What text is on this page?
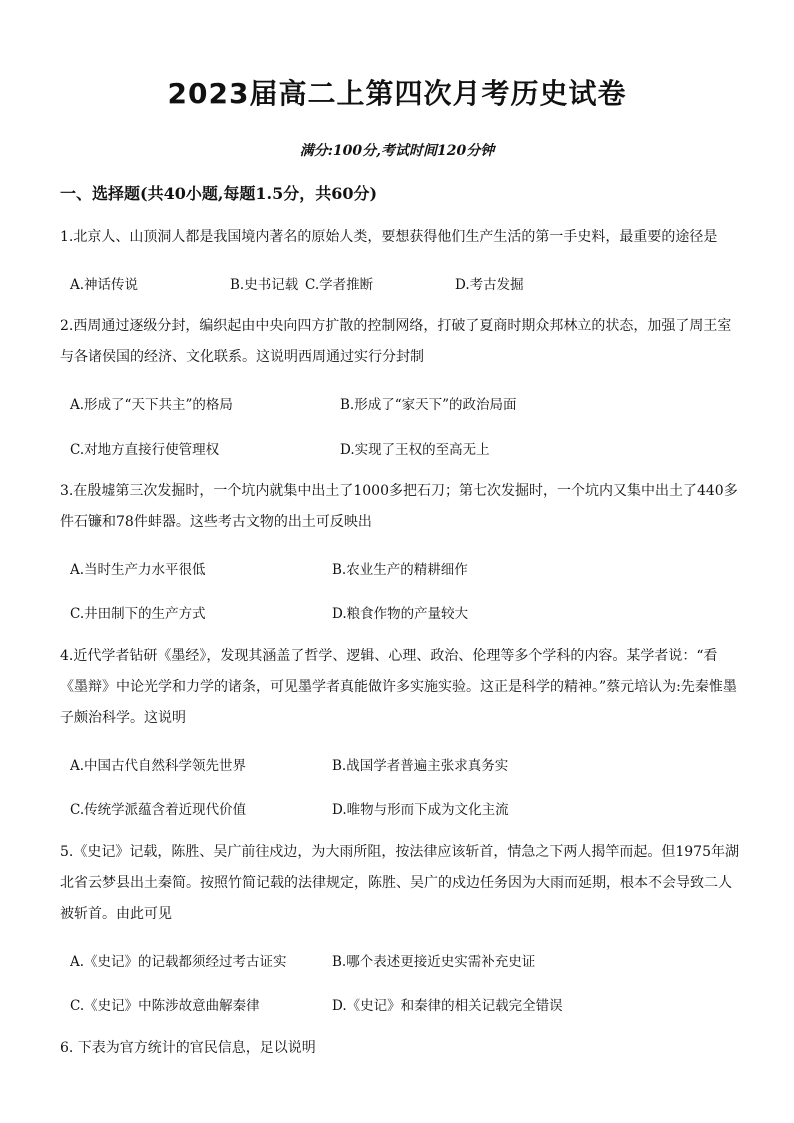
2023届高二上第四次月考历史试卷
满分:100分,考试时间120分钟
一、选择题(共40小题,每题1.5分，共60分)
1.北京人、山顶洞人都是我国境内著名的原始人类，要想获得他们生产生活的第一手史料，最重要的途径是
A.神话传说	B.史书记载 C.学者推断	D.考古发掘
2.西周通过逐级分封，编织起由中央向四方扩散的控制网络，打破了夏商时期众邦林立的状态，加强了周王室与各诸侯国的经济、文化联系。这说明西周通过实行分封制
A.形成了“天下共主”的格局	B.形成了“家天下”的政治局面
C.对地方直接行使管理权	D.实现了王权的至高无上
3.在殷墟第三次发掘时，一个坑内就集中出土了1000多把石刀；第七次发掘时，一个坑内又集中出土了440多件石镰和78件蚌器。这些考古文物的出土可反映出
A.当时生产力水平很低	B.农业生产的精耕细作
C.井田制下的生产方式	D.粮食作物的产量较大
4.近代学者钻研《墨经》，发现其涵盖了哲学、逻辑、心理、政治、伦理等多个学科的内容。某学者说：“看《墨辩》中论光学和力学的诸条，可见墨学者真能做许多实施实验。这正是科学的精神。”蔡元培认为:先秦惟墨子颇治科学。这说明
A.中国古代自然科学领先世界	B.战国学者普遍主张求真务实
C.传统学派蕴含着近现代价值	D.唯物与形而下成为文化主流
5.《史记》记载，陈胜、吴广前往戍边，为大雨所阻，按法律应该斩首，情急之下两人揭竿而起。但1975年湖北省云梦县出土秦简。按照竹简记载的法律规定，陈胜、吴广的戍边任务因为大雨而延期，根本不会导致二人被斩首。由此可见
A.《史记》的记载都须经过考古证实	B.哪个表述更接近史实需补充史证
C.《史记》中陈涉故意曲解秦律	D.《史记》和秦律的相关记载完全错误
6. 下表为官方统计的官民信息，足以说明
